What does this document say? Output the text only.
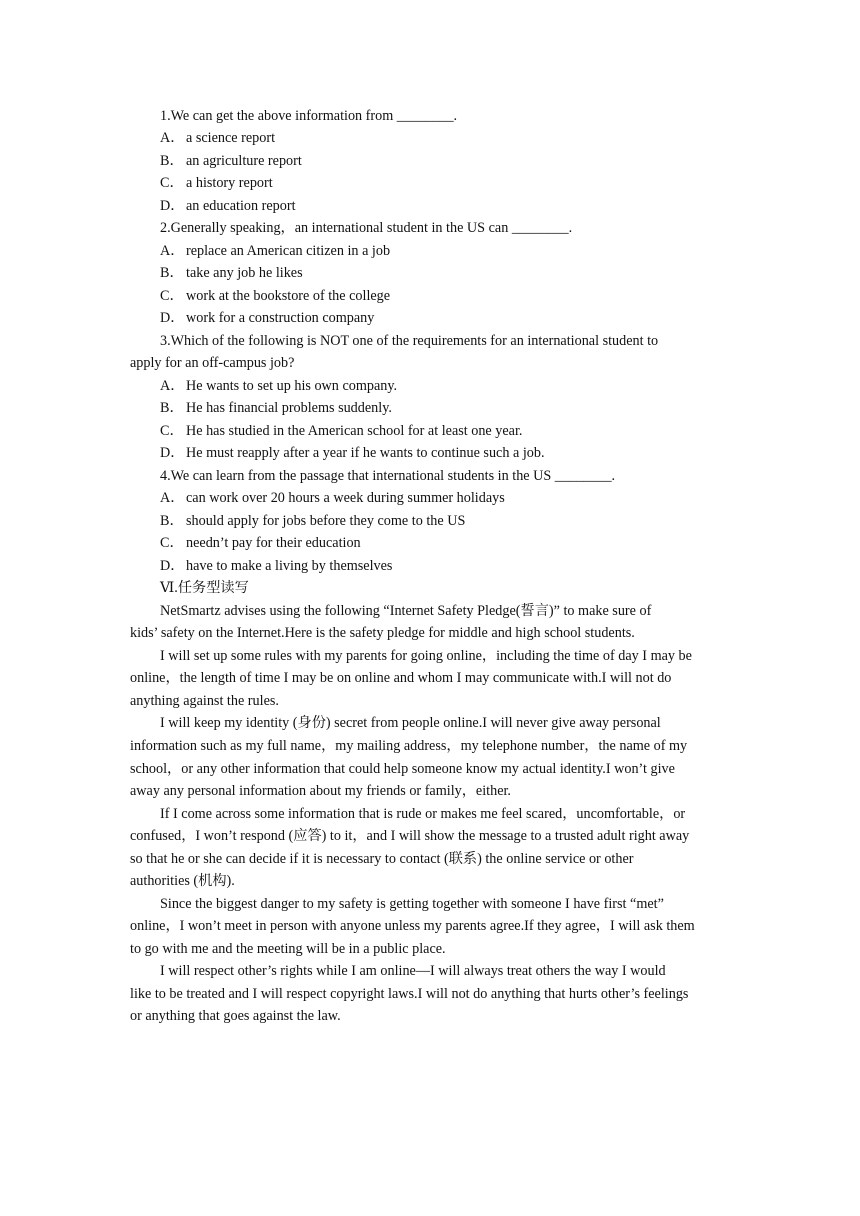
1.We can get the above information from ________.
A． a science report
B． an agriculture report
C． a history report
D． an education report
2.Generally speaking，an international student in the US can ________.
A． replace an American citizen in a job
B． take any job he likes
C． work at the bookstore of the college
D． work for a construction company
3.Which of the following is NOT one of the requirements for an international student to
apply for an off-campus job?
A． He wants to set up his own company.
B． He has financial problems suddenly.
C． He has studied in the American school for at least one year.
D． He must reapply after a year if he wants to continue such a job.
4.We can learn from the passage that international students in the US ________.
A． can work over 20 hours a week during summer holidays
B． should apply for jobs before they come to the US
C． needn’t pay for their education
D． have to make a living by themselves
Ⅵ.任务型读写
NetSmartz advises using the following “Internet Safety Pledge(誓言)” to make sure of
kids’ safety on the Internet.Here is the safety pledge for middle and high school students.
I will set up some rules with my parents for going online，including the time of day I may be
online，the length of time I may be on online and whom I may communicate with.I will not do
anything against the rules.
I will keep my identity (身份) secret from people online.I will never give away personal
information such as my full name，my mailing address，my telephone number，the name of my
school，or any other information that could help someone know my actual identity.I won’t give
away any personal information about my friends or family，either.
If I come across some information that is rude or makes me feel scared，uncomfortable，or
confused，I won’t respond (应答) to it，and I will show the message to a trusted adult right away
so that he or she can decide if it is necessary to contact (联系) the online service or other
authorities (机构).
Since the biggest danger to my safety is getting together with someone I have first “met”
online，I won’t meet in person with anyone unless my parents agree.If they agree，I will ask them
to go with me and the meeting will be in a public place.
I will respect other’s rights while I am online—I will always treat others the way I would
like to be treated and I will respect copyright laws.I will not do anything that hurts other’s feelings
or anything that goes against the law.
